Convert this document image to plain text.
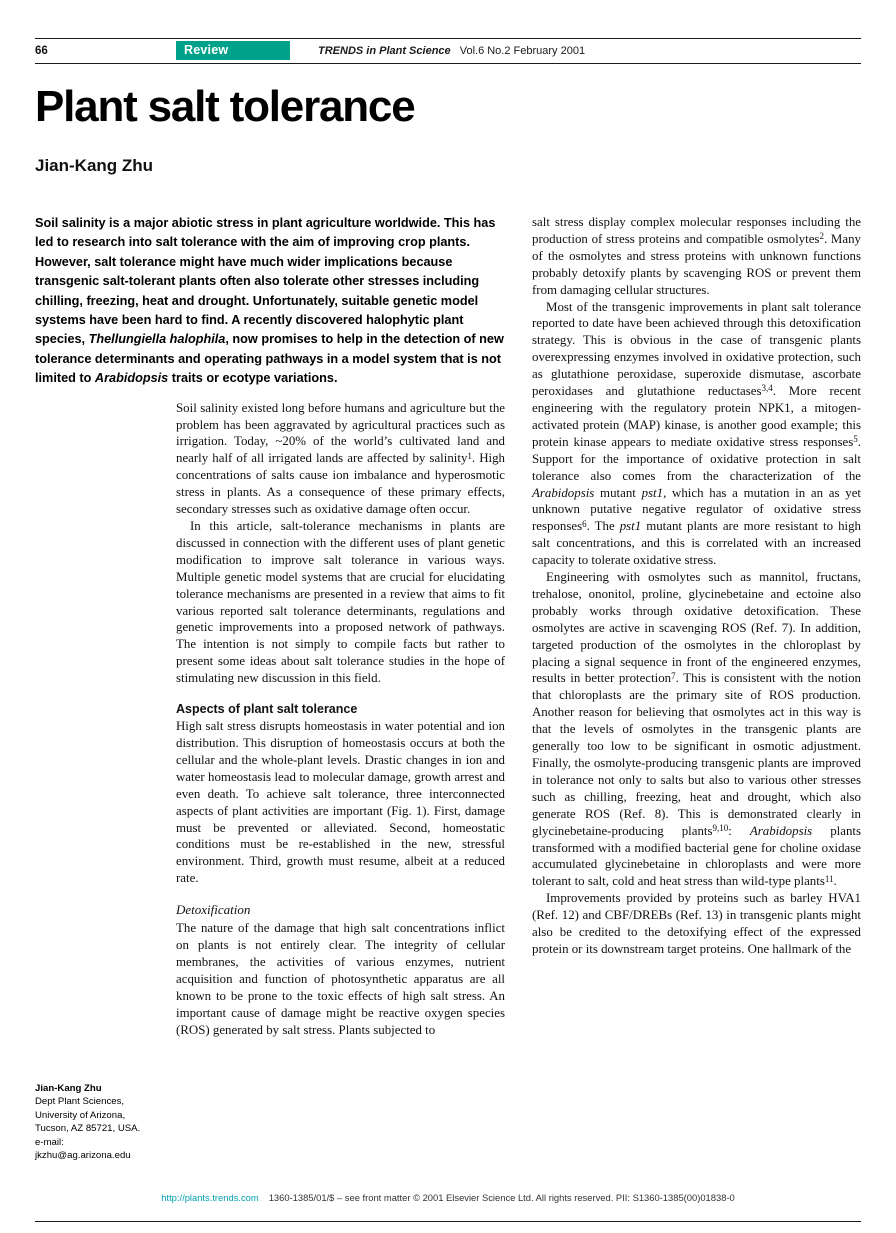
66	Review	TRENDS in Plant Science Vol.6 No.2 February 2001
Plant salt tolerance
Jian-Kang Zhu

Soil salinity is a major abiotic stress in plant agriculture worldwide. This has led to research into salt tolerance with the aim of improving crop plants. However, salt tolerance might have much wider implications because transgenic salt-tolerant plants often also tolerate other stresses including chilling, freezing, heat and drought. Unfortunately, suitable genetic model systems have been hard to find. A recently discovered halophytic plant species, Thellungiella halophila, now promises to help in the detection of new tolerance determinants and operating pathways in a model system that is not limited to Arabidopsis traits or ecotype variations.

Soil salinity existed long before humans and agriculture but the problem has been aggravated by agricultural practices such as irrigation. Today, ~20% of the world’s cultivated land and nearly half of all irrigated lands are affected by salinity$^1$. High concentrations of salts cause ion imbalance and hyperosmotic stress in plants. As a consequence of these primary effects, secondary stresses such as oxidative damage often occur.

In this article, salt-tolerance mechanisms in plants are discussed in connection with the different uses of plant genetic modification to improve salt tolerance in various ways. Multiple genetic model systems that are crucial for elucidating tolerance mechanisms are presented in a review that aims to fit various reported salt tolerance determinants, regulations and genetic improvements into a proposed network of pathways. The intention is not simply to compile facts but rather to present some ideas about salt tolerance studies in the hope of stimulating new discussion in this field.

Aspects of plant salt tolerance

High salt stress disrupts homeostasis in water potential and ion distribution. This disruption of homeostasis occurs at both the cellular and the whole-plant levels. Drastic changes in ion and water homeostasis lead to molecular damage, growth arrest and even death. To achieve salt tolerance, three interconnected aspects of plant activities are important (Fig. 1). First, damage must be prevented or alleviated. Second, homeostatic conditions must be re-established in the new, stressful environment. Third, growth must resume, albeit at a reduced rate.

Detoxification

The nature of the damage that high salt concentrations inflict on plants is not entirely clear. The integrity of cellular membranes, the activities of various enzymes, nutrient acquisition and function of photosynthetic apparatus are all known to be prone to the toxic effects of high salt stress. An important cause of damage might be reactive oxygen species (ROS) generated by salt stress. Plants subjected to

salt stress display complex molecular responses including the production of stress proteins and compatible osmolytes$^2$. Many of the osmolytes and stress proteins with unknown functions probably detoxify plants by scavenging ROS or prevent them from damaging cellular structures.

Most of the transgenic improvements in plant salt tolerance reported to date have been achieved through this detoxification strategy. This is obvious in the case of transgenic plants overexpressing enzymes involved in oxidative protection, such as glutathione peroxidase, superoxide dismutase, ascorbate peroxidases and glutathione reductases$^{3,4}$. More recent engineering with the regulatory protein NPK1, a mitogen-activated protein (MAP) kinase, is another good example; this protein kinase appears to mediate oxidative stress responses$^5$. Support for the importance of oxidative protection in salt tolerance also comes from the characterization of the Arabidopsis mutant pst1, which has a mutation in an as yet unknown putative negative regulator of oxidative stress responses$^6$. The pst1 mutant plants are more resistant to high salt concentrations, and this is correlated with an increased capacity to tolerate oxidative stress.

Engineering with osmolytes such as mannitol, fructans, trehalose, ononitol, proline, glycinebetaine and ectoine also probably works through oxidative detoxification. These osmolytes are active in scavenging ROS (Ref. 7). In addition, targeted production of the osmolytes in the chloroplast by placing a signal sequence in front of the engineered enzymes, results in better protection$^7$. This is consistent with the notion that chloroplasts are the primary site of ROS production. Another reason for believing that osmolytes act in this way is that the levels of osmolytes in the transgenic plants are generally too low to be significant in osmotic adjustment. Finally, the osmolyte-producing transgenic plants are improved in tolerance not only to salts but also to various other stresses such as chilling, freezing, heat and drought, which also generate ROS (Ref. 8). This is demonstrated clearly in glycinebetaine-producing plants$^{9,10}$: Arabidopsis plants transformed with a modified bacterial gene for choline oxidase accumulated glycinebetaine in chloroplasts and were more tolerant to salt, cold and heat stress than wild-type plants$^{11}$.

Improvements provided by proteins such as barley HVA1 (Ref. 12) and CBF/DREBs (Ref. 13) in transgenic plants might also be credited to the detoxifying effect of the expressed protein or its downstream target proteins. One hallmark of the

Jian-Kang Zhu

Dept Plant Sciences,

University of Arizona,

Tucson, AZ 85721, USA.

e-mail:

jkzhu@ag.arizona.edu

http://plants.trends.com 1360-1385/01/$ – see front matter © 2001 Elsevier Science Ltd. All rights reserved. PII: S1360-1385(00)01838-0
